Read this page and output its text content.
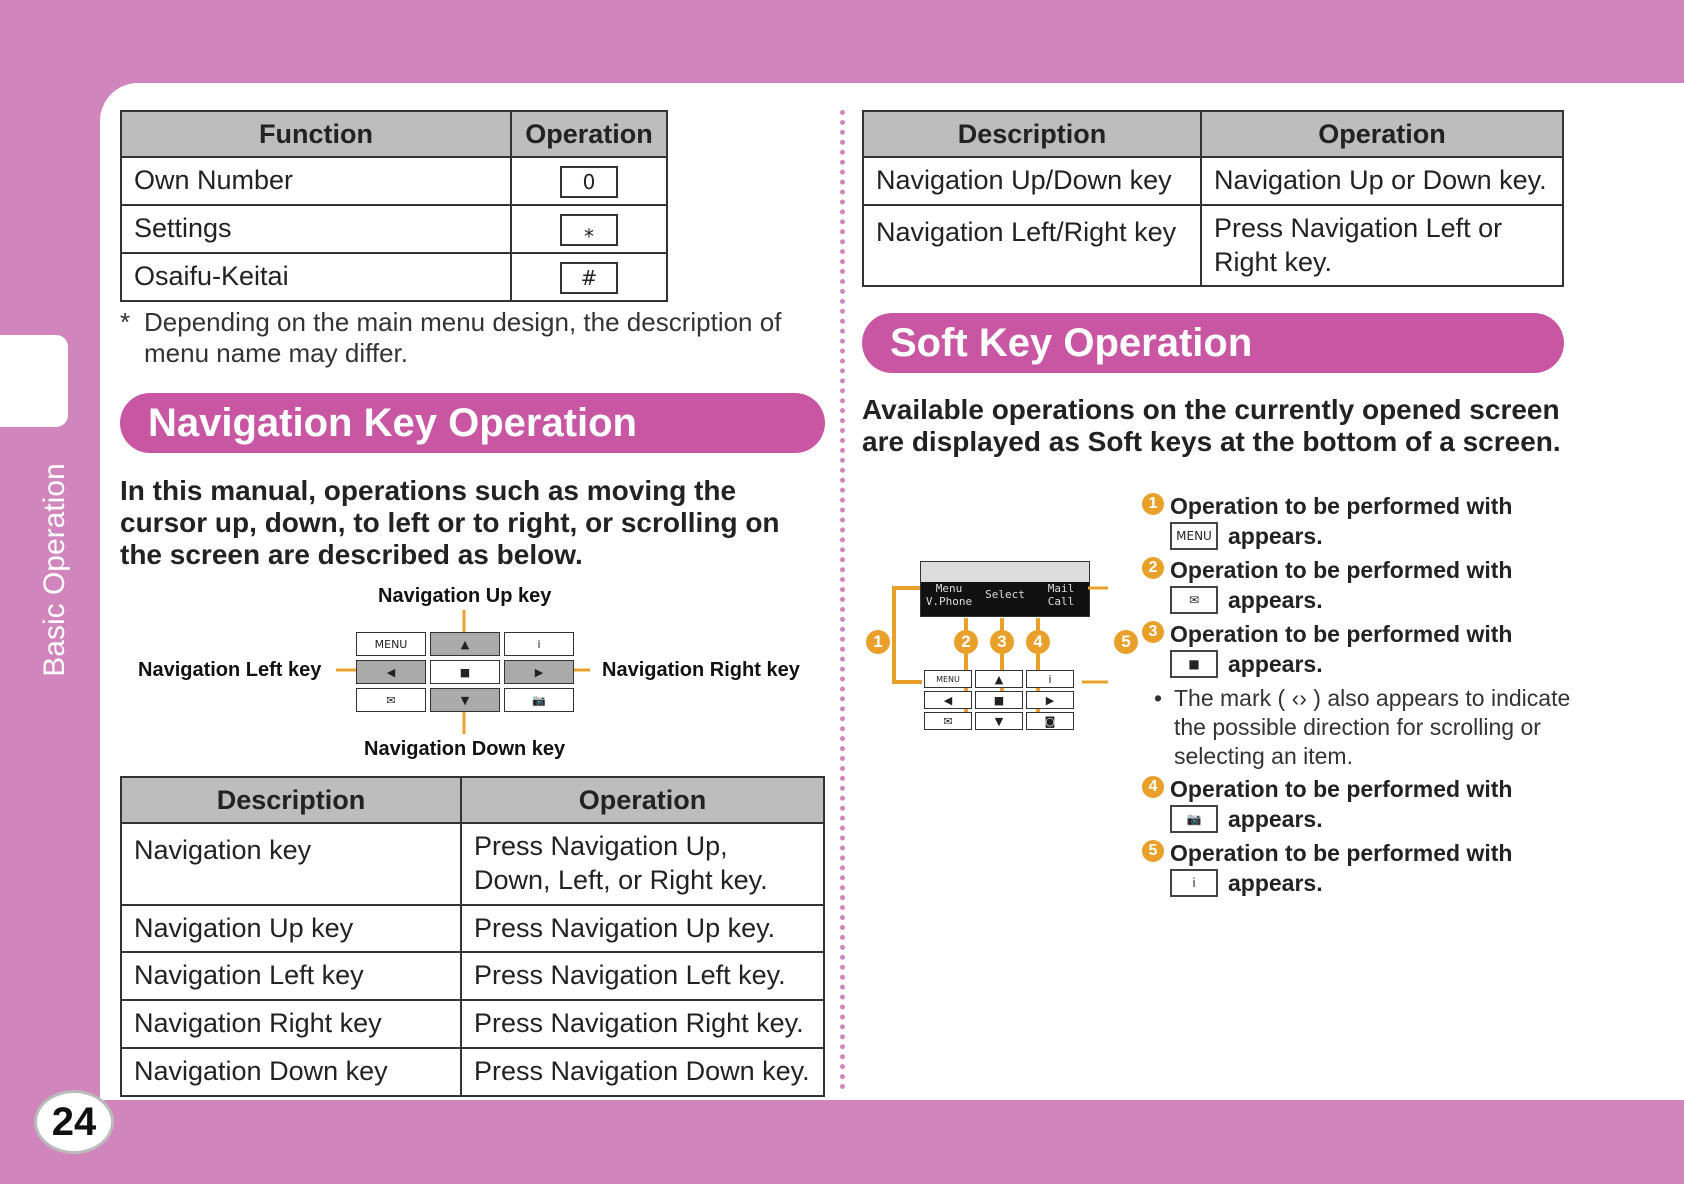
Basic Operation
24
Function	Operation
Own Number	0
Settings	⁎
Osaifu-Keitai	#
* Depending on the main menu design, the description of menu name may differ.
Navigation Key Operation
In this manual, operations such as moving the cursor up, down, to left or to right, or scrolling on the screen are described as below.
Navigation Up key
Navigation Left key	Navigation Right key
Navigation Down key
MENU	▲	i
◀	■	▶
✉	▼	📷
Description	Operation
Navigation key	Press Navigation Up, Down, Left, or Right key.
Navigation Up key	Press Navigation Up key.
Navigation Left key	Press Navigation Left key.
Navigation Right key	Press Navigation Right key.
Navigation Down key	Press Navigation Down key.
Description	Operation
Navigation Up/Down key	Navigation Up or Down key.
Navigation Left/Right key	Press Navigation Left or Right key.
Soft Key Operation
Available operations on the currently opened screen are displayed as Soft keys at the bottom of a screen.
Menu
V.Phone
Select	Mail
Call
1	2	3	4	5
MENU	▲	i
◀	■	▶
✉	▼	◙
1 Operation to be performed with
MENU appears.
2 Operation to be performed with
✉	appears.
3 Operation to be performed with
■	appears.
• The mark ( ‹› ) also appears to indicate the possible direction for scrolling or selecting an item.
4 Operation to be performed with
📷	appears.
5 Operation to be performed with
i	appears.
